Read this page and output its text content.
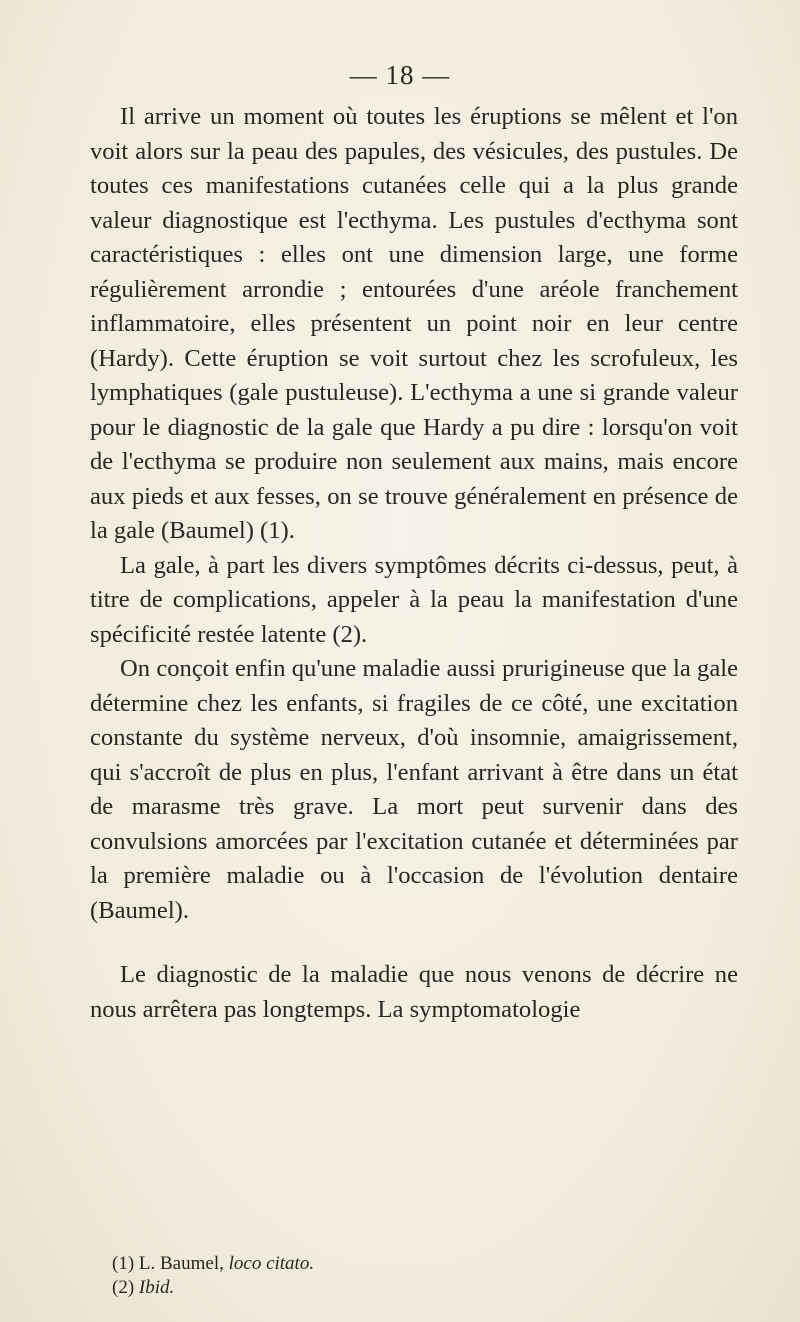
— 18 —

Il arrive un moment où toutes les éruptions se mêlent et l'on voit alors sur la peau des papules, des vésicules, des pustules. De toutes ces manifestations cutanées celle qui a la plus grande valeur diagnostique est l'ecthyma. Les pustules d'ecthyma sont caractéristiques : elles ont une dimension large, une forme régulièrement arrondie ; entourées d'une aréole franchement inflammatoire, elles présentent un point noir en leur centre (Hardy). Cette éruption se voit surtout chez les scrofuleux, les lymphatiques (gale pustuleuse). L'ecthyma a une si grande valeur pour le diagnostic de la gale que Hardy a pu dire : lorsqu'on voit de l'ecthyma se produire non seulement aux mains, mais encore aux pieds et aux fesses, on se trouve généralement en présence de la gale (Baumel) (1).

La gale, à part les divers symptômes décrits ci-dessus, peut, à titre de complications, appeler à la peau la manifestation d'une spécificité restée latente (2).

On conçoit enfin qu'une maladie aussi prurigineuse que la gale détermine chez les enfants, si fragiles de ce côté, une excitation constante du système nerveux, d'où insomnie, amaigrissement, qui s'accroît de plus en plus, l'enfant arrivant à être dans un état de marasme très grave. La mort peut survenir dans des convulsions amorcées par l'excitation cutanée et déterminées par la première maladie ou à l'occasion de l'évolution dentaire (Baumel).

Le diagnostic de la maladie que nous venons de décrire ne nous arrêtera pas longtemps. La symptomatologie

(1) L. Baumel, loco citato.
(2) Ibid.
